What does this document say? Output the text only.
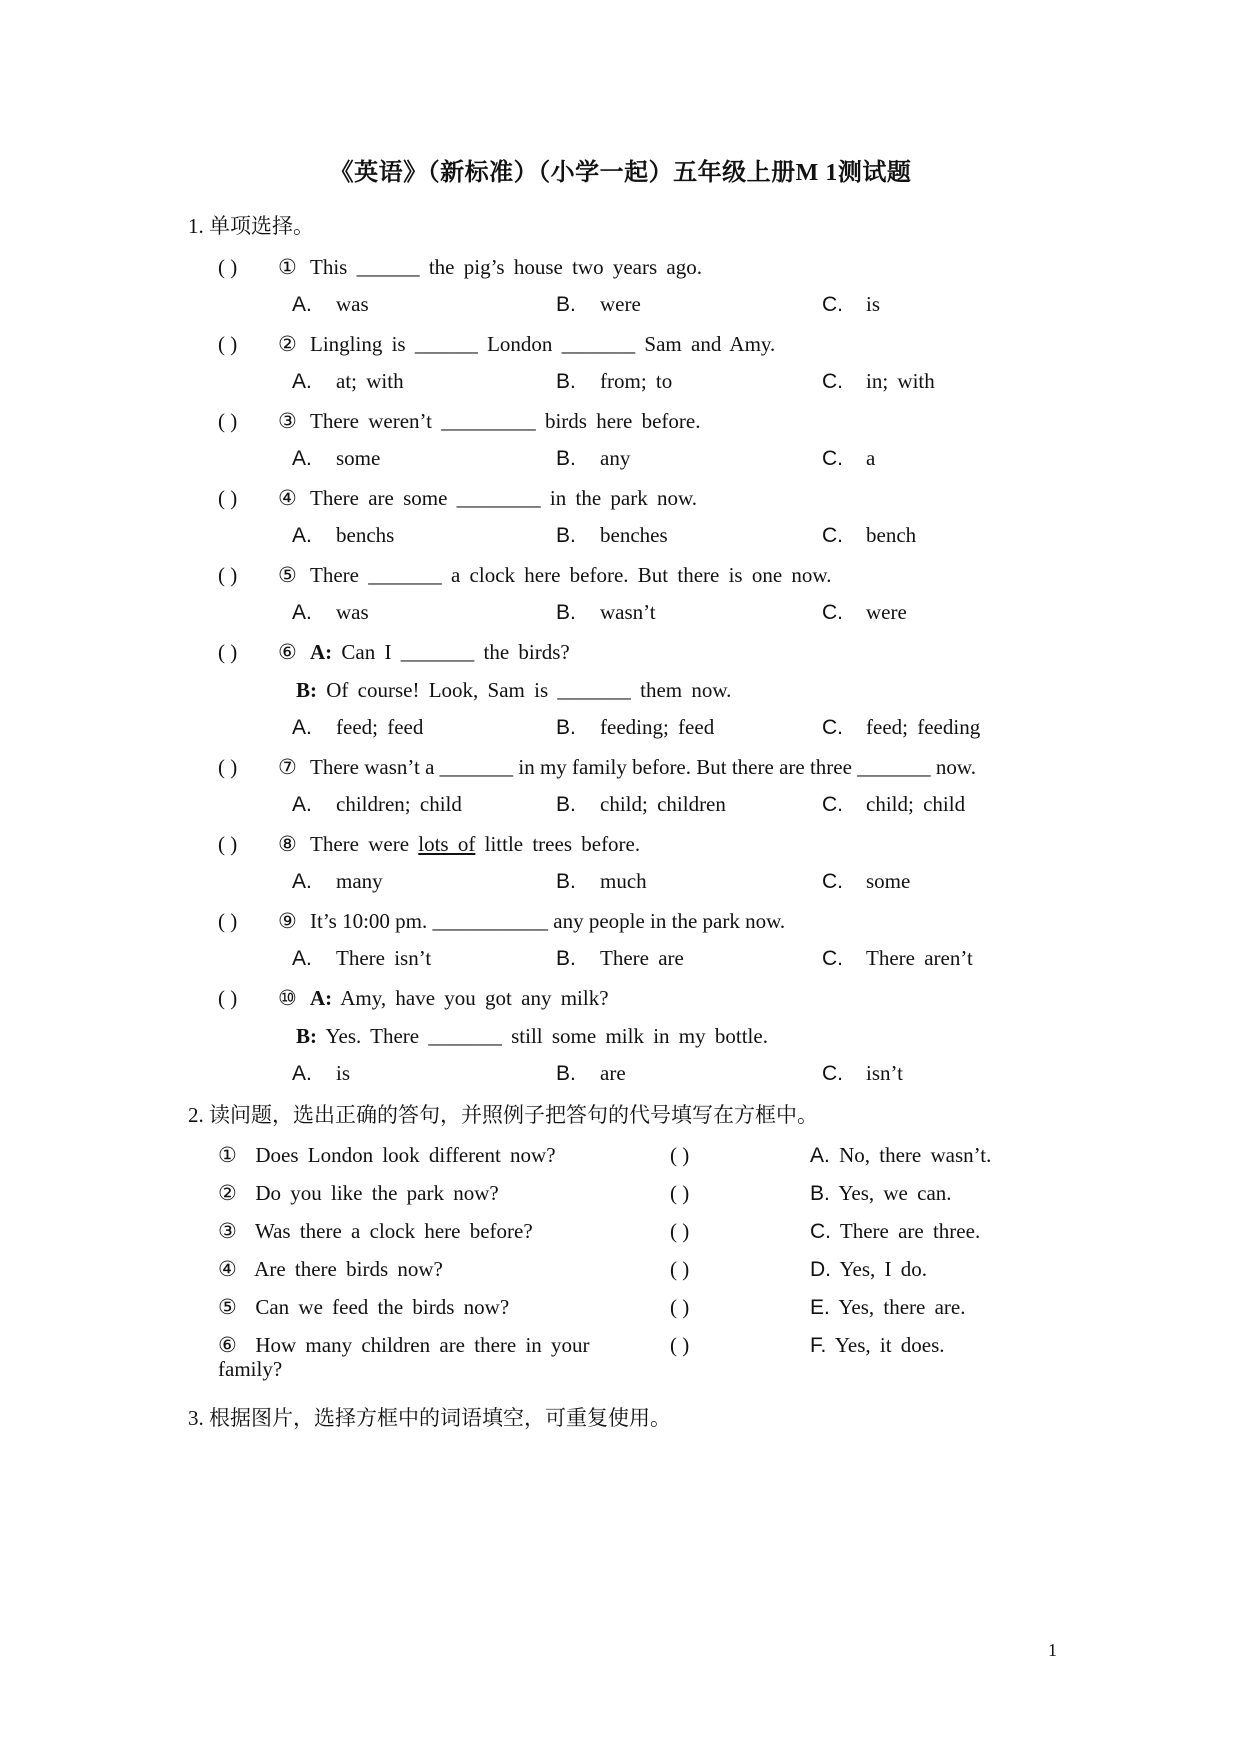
《英语》（新标准）（小学一起）五年级上册M 1测试题
1. 单项选择。
( ) ① This ______ the pig’s house two years ago.
A. was	B. were	C. is
( ) ② Lingling is ______ London _______ Sam and Amy.
A. at; with	B. from; to	C. in; with
( ) ③ There weren’t _________ birds here before.
A. some	B. any	C. a
( ) ④ There are some ________ in the park now.
A. benchs	B. benches	C. bench
( ) ⑤ There _______ a clock here before. But there is one now.
A. was	B. wasn’t	C. were
( ) ⑥ A: Can I _______ the birds?
B: Of course! Look, Sam is _______ them now.
A. feed; feed	B. feeding; feed	C. feed; feeding
( ) ⑦ There wasn’t a _______ in my family before. But there are three _______ now.
A. children; child	B. child; children	C. child; child
( ) ⑧ There were lots of little trees before.
A. many	B. much	C. some
( ) ⑨ It’s 10:00 pm. ___________ any people in the park now.
A. There isn’t	B. There are	C. There aren’t
( ) ⑩ A: Amy, have you got any milk?
B: Yes. There _______ still some milk in my bottle.
A. is	B. are	C. isn’t
2. 读问题，选出正确的答句，并照例子把答句的代号填写在方框中。
① Does London look different now?	( )	A. No, there wasn’t.
② Do you like the park now?	( )	B. Yes, we can.
③ Was there a clock here before?	( )	C. There are three.
④ Are there birds now?	( )	D. Yes, I do.
⑤ Can we feed the birds now?	( )	E. Yes, there are.
⑥ How many children are there in your
family?
( )	F. Yes, it does.
3. 根据图片，选择方框中的词语填空，可重复使用。
1
